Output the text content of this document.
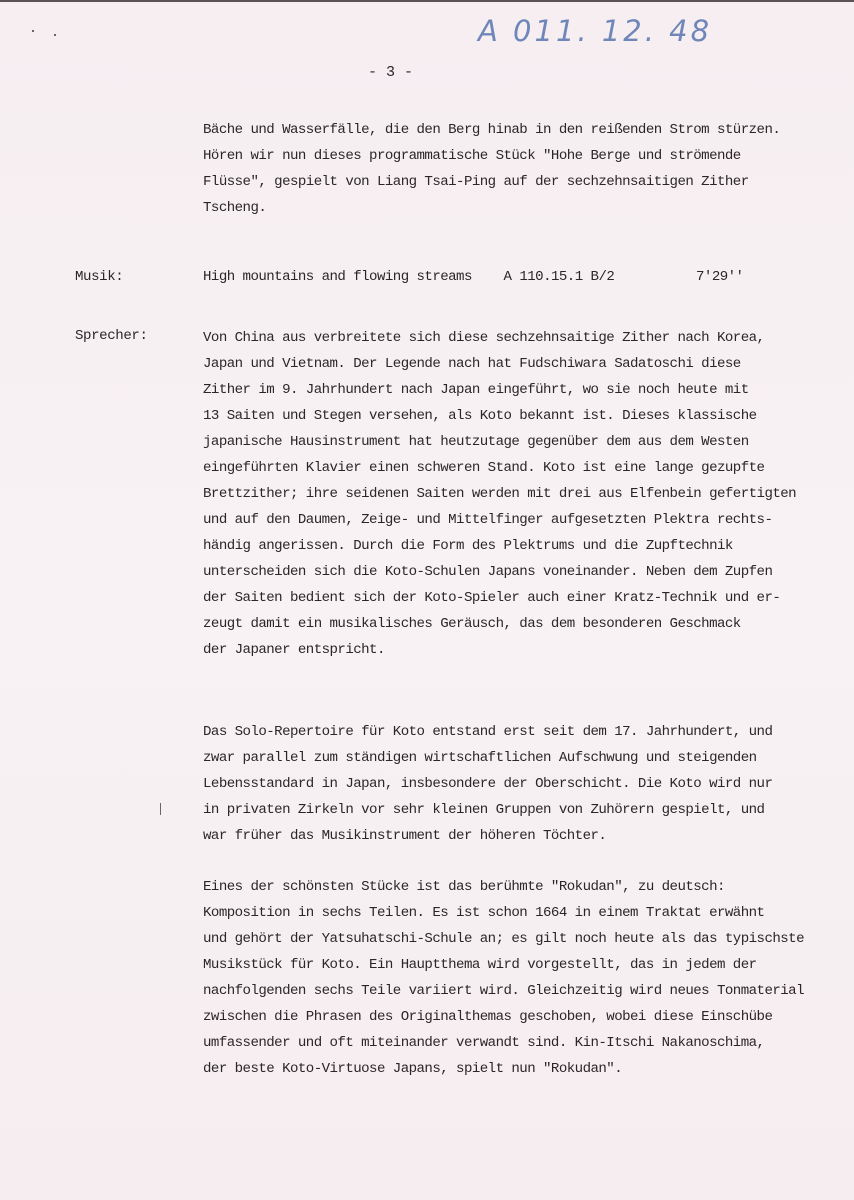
A 011. 12. 48
- 3 -
Bäche und Wasserfälle, die den Berg hinab in den reißenden Strom stürzen.
Hören wir nun dieses programmatische Stück "Hohe Berge und strömende
Flüsse", gespielt von Liang Tsai-Ping auf der sechzehnsaitigen Zither
Tscheng.
Musik:	High mountains and flowing streams A 110.15.1 B/2	7'29''
Sprecher:	Von China aus verbreitete sich diese sechzehnsaitige Zither nach Korea,
Japan und Vietnam. Der Legende nach hat Fudschiwara Sadatoschi diese
Zither im 9. Jahrhundert nach Japan eingeführt, wo sie noch heute mit
13 Saiten und Stegen versehen, als Koto bekannt ist. Dieses klassische
japanische Hausinstrument hat heutzutage gegenüber dem aus dem Westen
eingeführten Klavier einen schweren Stand. Koto ist eine lange gezupfte
Brettzither; ihre seidenen Saiten werden mit drei aus Elfenbein gefertigten
und auf den Daumen, Zeige- und Mittelfinger aufgesetzten Plektra rechts-
händig angerissen. Durch die Form des Plektrums und die Zupftechnik
unterscheiden sich die Koto-Schulen Japans voneinander. Neben dem Zupfen
der Saiten bedient sich der Koto-Spieler auch einer Kratz-Technik und er-
zeugt damit ein musikalisches Geräusch, das dem besonderen Geschmack
der Japaner entspricht.
Das Solo-Repertoire für Koto entstand erst seit dem 17. Jahrhundert, und
zwar parallel zum ständigen wirtschaftlichen Aufschwung und steigenden
Lebensstandard in Japan, insbesondere der Oberschicht. Die Koto wird nur
in privaten Zirkeln vor sehr kleinen Gruppen von Zuhörern gespielt, und
war früher das Musikinstrument der höheren Töchter.
Eines der schönsten Stücke ist das berühmte "Rokudan", zu deutsch:
Komposition in sechs Teilen. Es ist schon 1664 in einem Traktat erwähnt
und gehört der Yatsuhatschi-Schule an; es gilt noch heute als das typischste
Musikstück für Koto. Ein Hauptthema wird vorgestellt, das in jedem der
nachfolgenden sechs Teile variiert wird. Gleichzeitig wird neues Tonmaterial
zwischen die Phrasen des Originalthemas geschoben, wobei diese Einschübe
umfassender und oft miteinander verwandt sind. Kin-Itschi Nakanoschima,
der beste Koto-Virtuose Japans, spielt nun "Rokudan".
